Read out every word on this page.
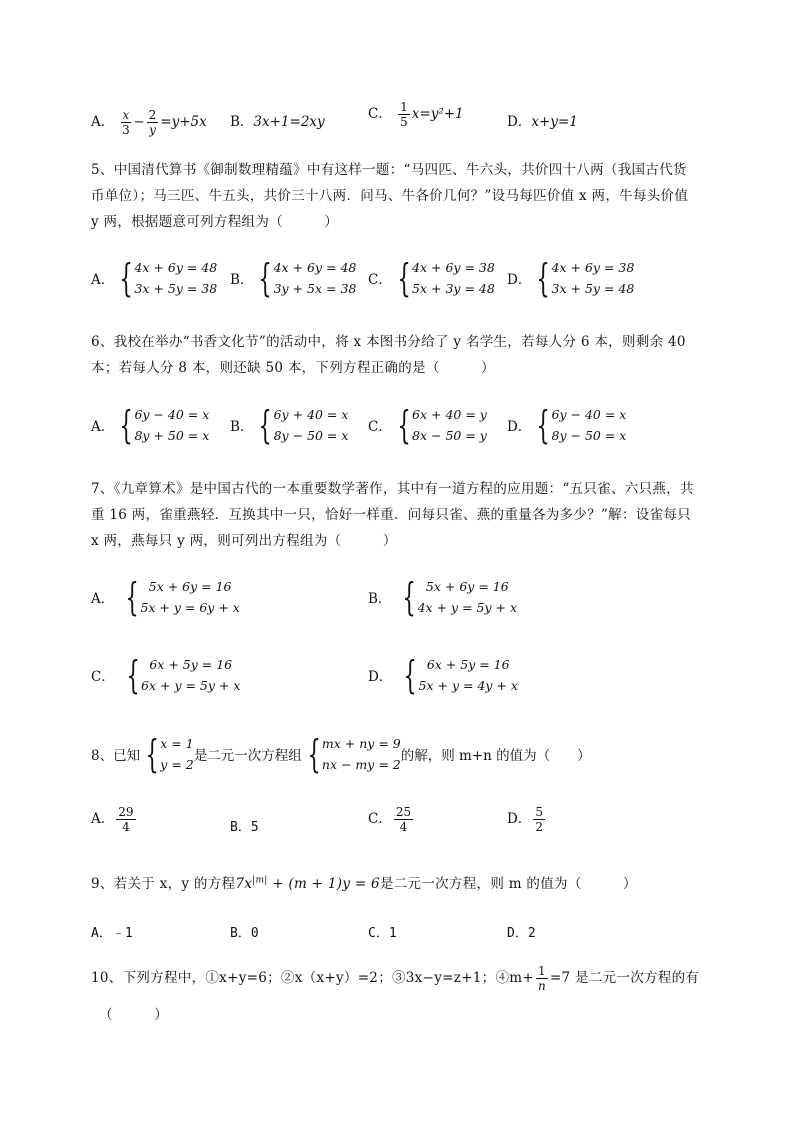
A． $\frac{x}{3} - \frac{2}{y} =y+5x$ B．3x+1=2xy	C． $\frac{1}{5} x=y^2+1$	D．x+y=1
5、中国清代算书《御制数理精蕴》中有这样一题：“马四匹、牛六头，共价四十八两（我国古代货
币单位）；马三匹、牛五头，共价三十八两．问马、牛各价几何？”设马每匹价值 x 两，牛每头价值
y 两，根据题意可列方程组为（　　　）
A． { 4x + 6y = 48
3x + 5y = 38
B． { 4x + 6y = 48
3y + 5x = 38
C． { 4x + 6y = 38
5x + 3y = 48
D． { 4x + 6y = 38
3x + 5y = 48
6、我校在举办“书香文化节”的活动中，将 x 本图书分给了 y 名学生，若每人分 6 本，则剩余 40
本；若每人分 8 本，则还缺 50 本，下列方程正确的是（　　　）
A． { 6y − 40 = x
8y + 50 = x
B． { 6y + 40 = x
8y − 50 = x
C． { 6x + 40 = y
8x − 50 = y
D． { 6y − 40 = x
8y − 50 = x
7、《九章算术》是中国古代的一本重要数学著作，其中有一道方程的应用题：“五只雀、六只燕，共
重 16 两，雀重燕轻．互换其中一只，恰好一样重．问每只雀、燕的重量各为多少？”解：设雀每只
x 两，燕每只 y 两，则可列出方程组为（　　　）
A． { 5x + 6y = 16
5x + y = 6y + x
B． { 5x + 6y = 16
4x + y = 5y + x
C． { 6x + 5y = 16
6x + y = 5y + x
D． { 6x + 5y = 16
5x + y = 4y + x
8、已知 { x = 1
y = 2
是二元一次方程组 { mx + ny = 9
nx − my = 2
的解，则 m+n 的值为（　　）
A． $\frac{29}{4}$	B．5
C． $\frac{25}{4}$	D． $\frac{5}{2}$
9、若关于 x，y 的方程$7x^{|m|} + (m + 1)y = 6$是二元一次方程，则 m 的值为（　　　）
A．﹣1	B．0	C．1	D．2
10、下列方程中，①x+y=6；②x（x+y）=2；③3x−y=z+1；④m+ $\frac{1}{n} =7$ 是二元一次方程的有
（　　　）
